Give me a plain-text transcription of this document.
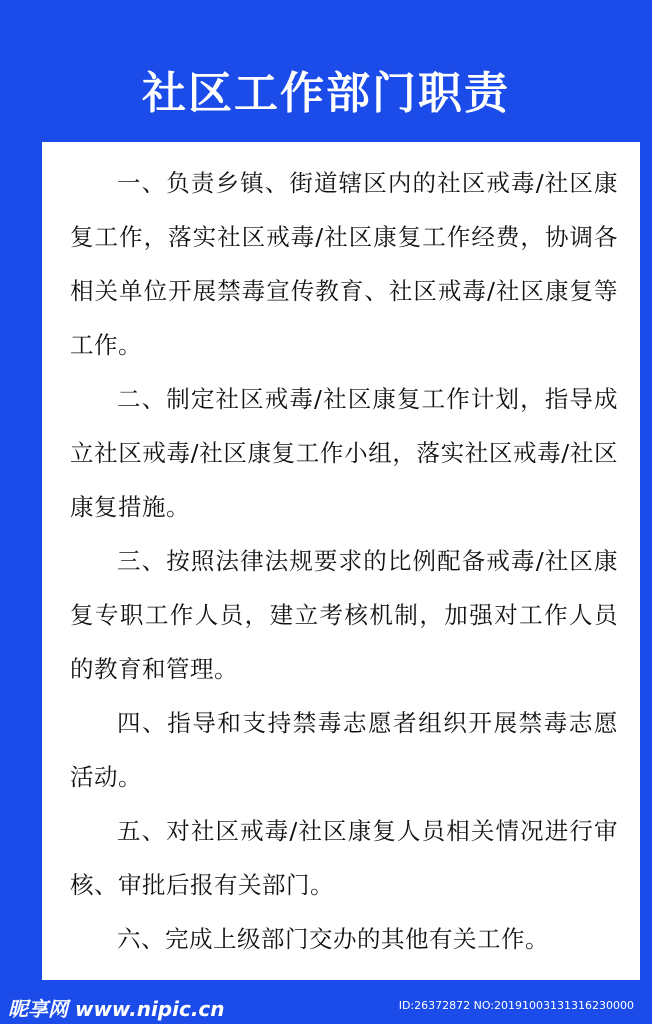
社区工作部门职责

一、负责乡镇、街道辖区内的社区戒毒/社区康复工作，落实社区戒毒/社区康复工作经费，协调各相关单位开展禁毒宣传教育、社区戒毒/社区康复等工作。

二、制定社区戒毒/社区康复工作计划，指导成立社区戒毒/社区康复工作小组，落实社区戒毒/社区康复措施。

三、按照法律法规要求的比例配备戒毒/社区康复专职工作人员，建立考核机制，加强对工作人员的教育和管理。

四、指导和支持禁毒志愿者组织开展禁毒志愿活动。

五、对社区戒毒/社区康复人员相关情况进行审核、审批后报有关部门。

六、完成上级部门交办的其他有关工作。

昵享网 www.nipic.cn	ID:26372872 NO:20191003131316230000
